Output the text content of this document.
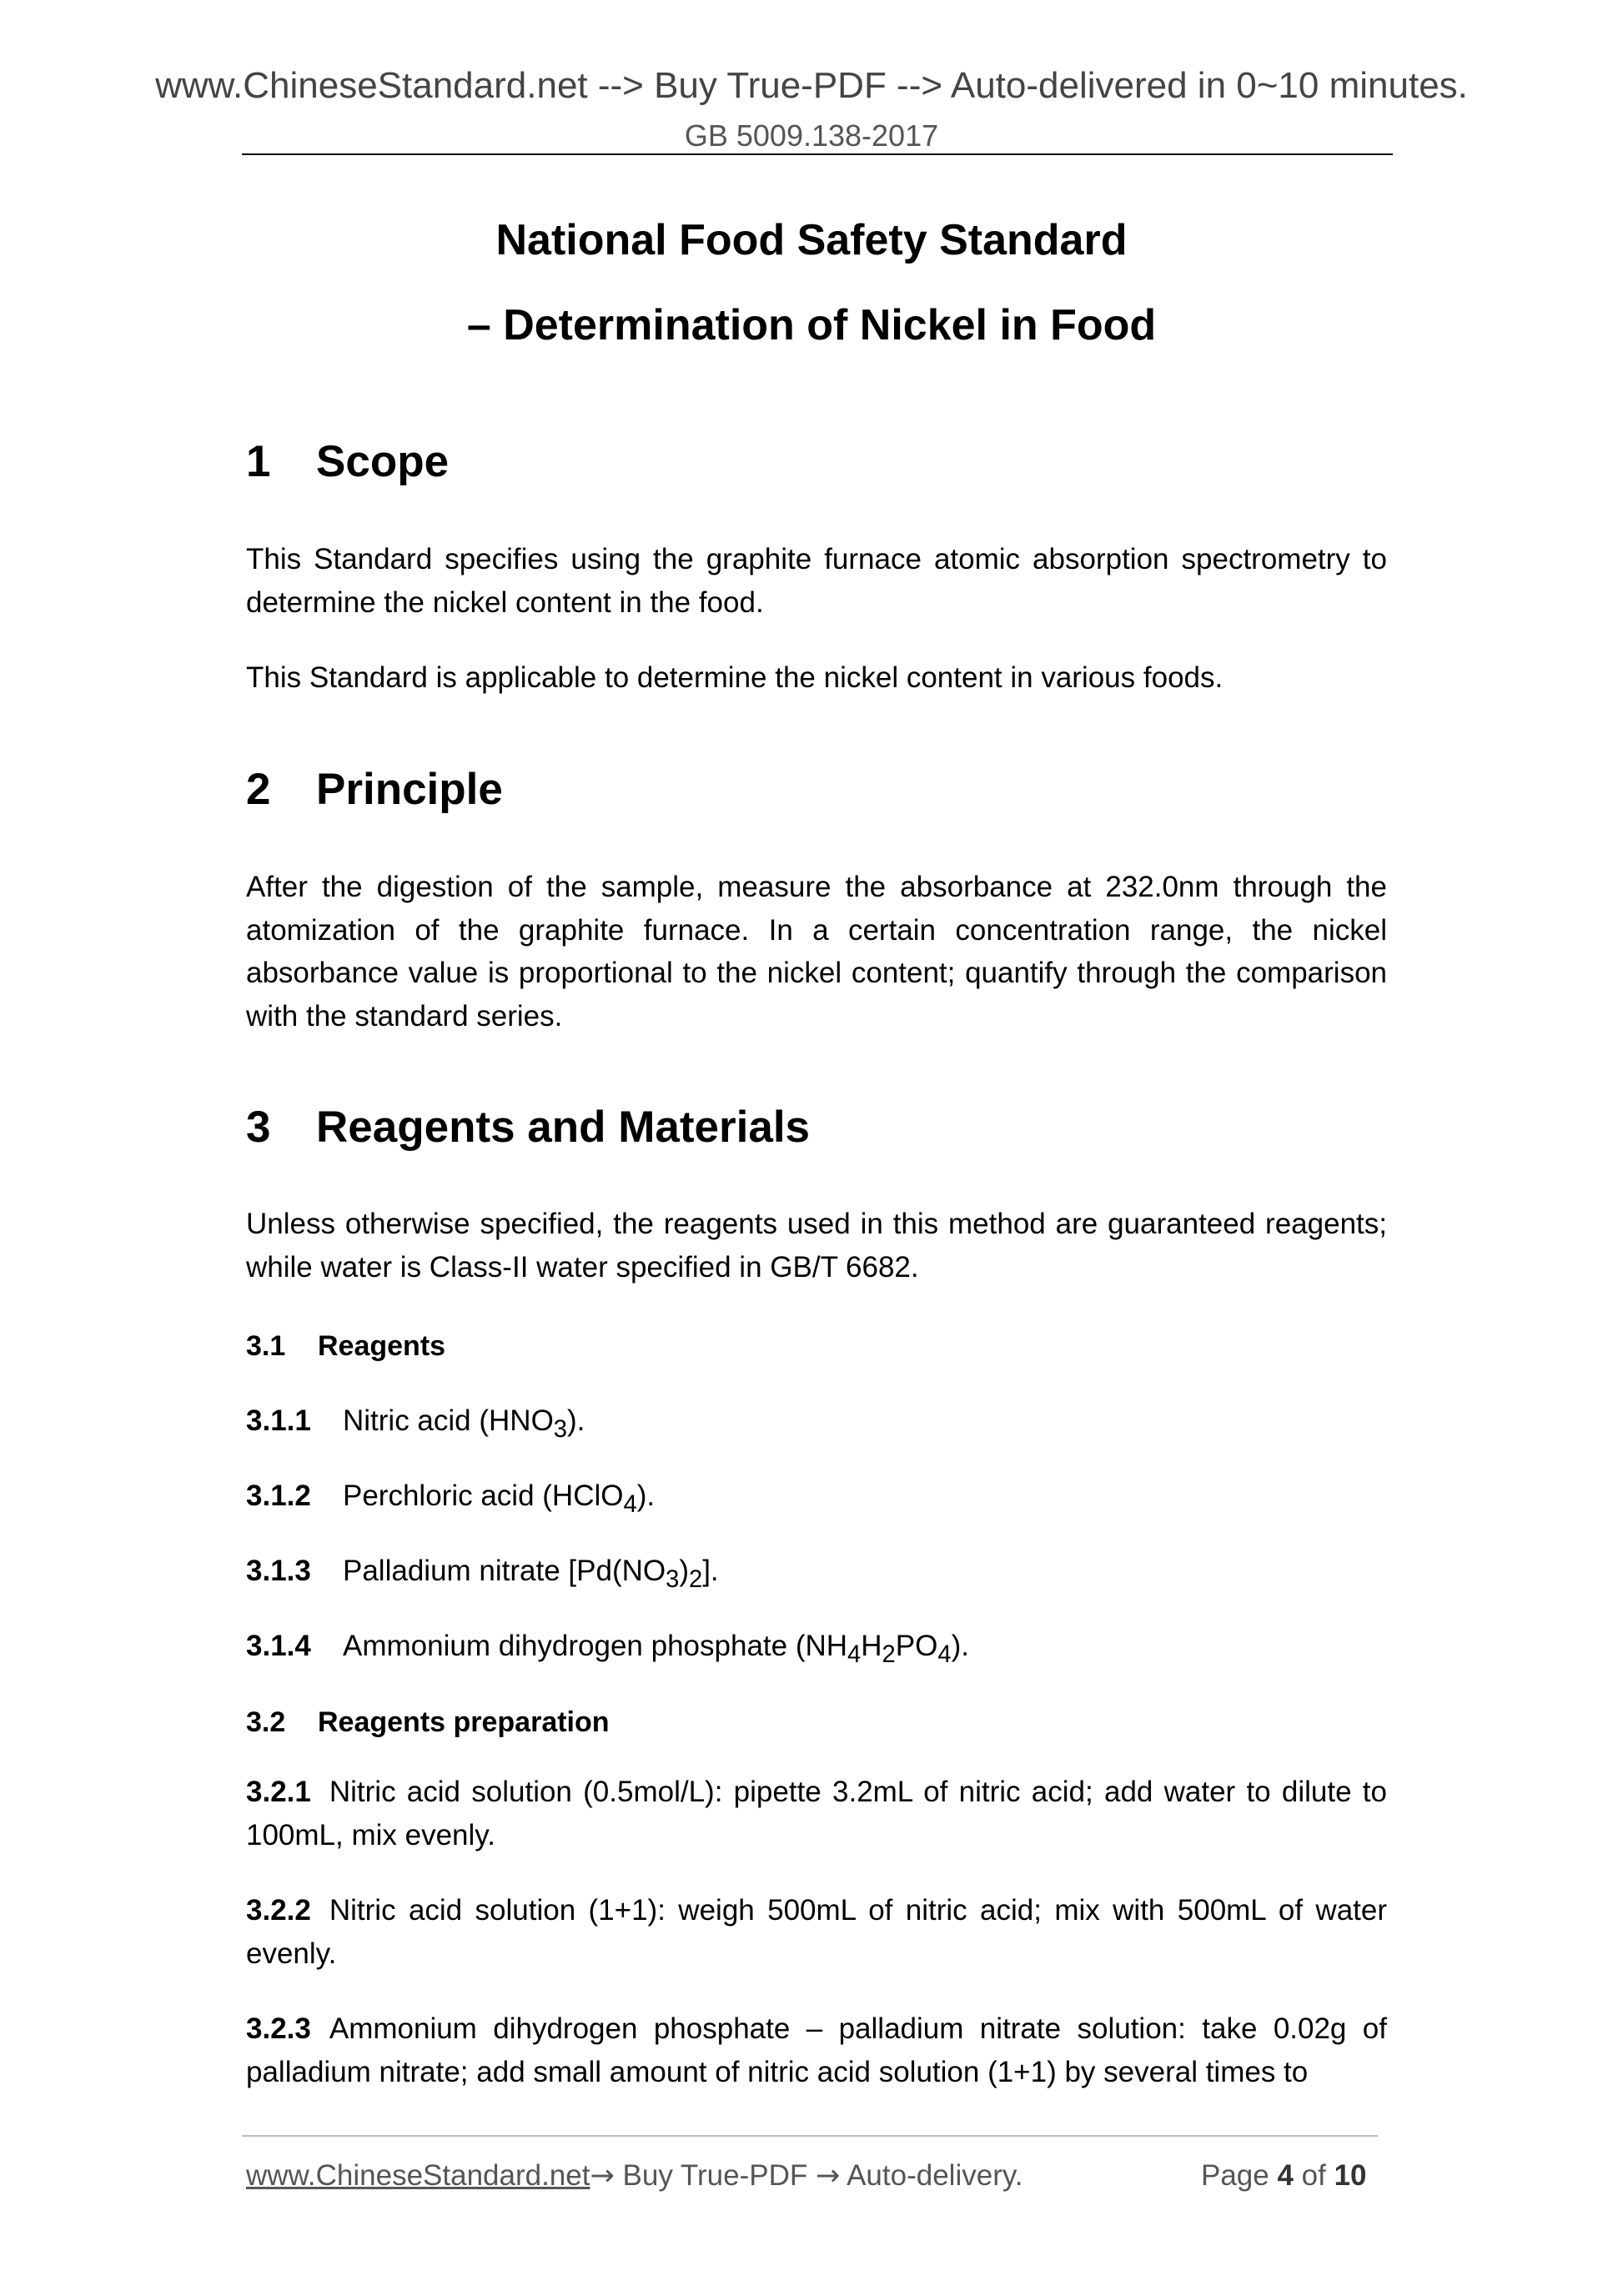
www.ChineseStandard.net --> Buy True-PDF --> Auto-delivered in 0~10 minutes.
GB 5009.138-2017
National Food Safety Standard
– Determination of Nickel in Food
1 Scope
This Standard specifies using the graphite furnace atomic absorption spectrometry to determine the nickel content in the food.
This Standard is applicable to determine the nickel content in various foods.
2 Principle
After the digestion of the sample, measure the absorbance at 232.0nm through the atomization of the graphite furnace. In a certain concentration range, the nickel absorbance value is proportional to the nickel content; quantify through the comparison with the standard series.
3 Reagents and Materials
Unless otherwise specified, the reagents used in this method are guaranteed reagents; while water is Class-II water specified in GB/T 6682.
3.1 Reagents
3.1.1 Nitric acid $(HNO_3)$.
3.1.2 Perchloric acid (HClO$_4$).
3.1.3 Palladium nitrate $[Pd(NO_3)_2]$.
3.1.4 Ammonium dihydrogen phosphate $(NH_4H_2PO_4)$.
3.2 Reagents preparation
3.2.1 Nitric acid solution (0.5mol/L): pipette 3.2mL of nitric acid; add water to dilute to 100mL, mix evenly.
3.2.2 Nitric acid solution (1+1): weigh 500mL of nitric acid; mix with 500mL of water evenly.
3.2.3 Ammonium dihydrogen phosphate – palladium nitrate solution: take 0.02g of palladium nitrate; add small amount of nitric acid solution (1+1) by several times to
www.ChineseStandard.net→ Buy True-PDF → Auto-delivery.	Page 4 of 10
